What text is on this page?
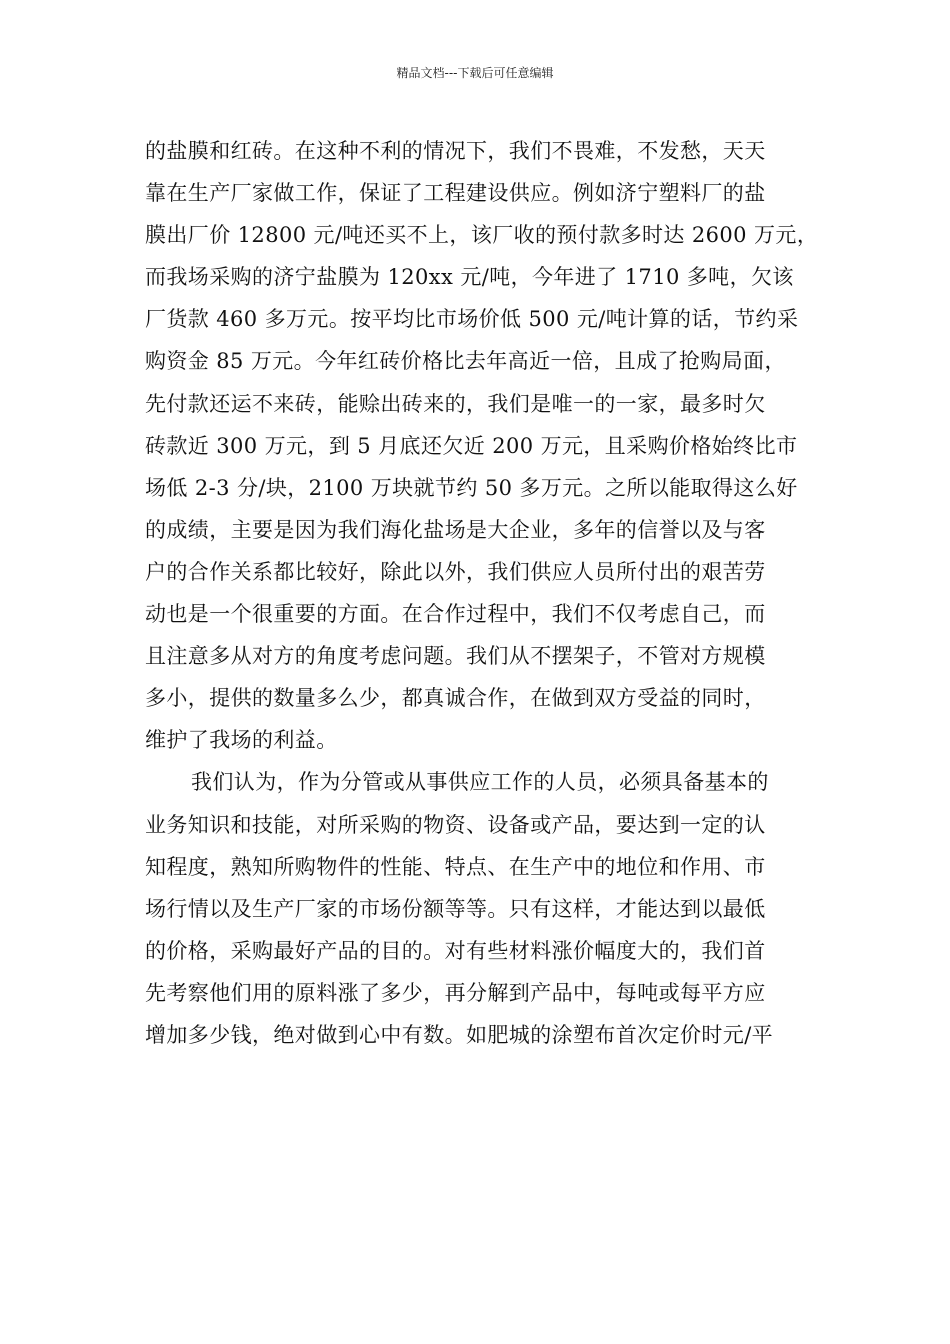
精品文档---下载后可任意编辑
的盐膜和红砖。在这种不利的情况下，我们不畏难，不发愁，天天
靠在生产厂家做工作，保证了工程建设供应。例如济宁塑料厂的盐
膜出厂价 12800 元/吨还买不上，该厂收的预付款多时达 2600 万元，
而我场采购的济宁盐膜为 120xx 元/吨，今年进了 1710 多吨，欠该
厂货款 460 多万元。按平均比市场价低 500 元/吨计算的话，节约采
购资金 85 万元。今年红砖价格比去年高近一倍，且成了抢购局面，
先付款还运不来砖，能赊出砖来的，我们是唯一的一家，最多时欠
砖款近 300 万元，到 5 月底还欠近 200 万元，且采购价格始终比市
场低 2-3 分/块，2100 万块就节约 50 多万元。之所以能取得这么好
的成绩，主要是因为我们海化盐场是大企业，多年的信誉以及与客
户的合作关系都比较好，除此以外，我们供应人员所付出的艰苦劳
动也是一个很重要的方面。在合作过程中，我们不仅考虑自己，而
且注意多从对方的角度考虑问题。我们从不摆架子，不管对方规模
多小，提供的数量多么少，都真诚合作，在做到双方受益的同时，
维护了我场的利益。
我们认为，作为分管或从事供应工作的人员，必须具备基本的
业务知识和技能，对所采购的物资、设备或产品，要达到一定的认
知程度，熟知所购物件的性能、特点、在生产中的地位和作用、市
场行情以及生产厂家的市场份额等等。只有这样，才能达到以最低
的价格，采购最好产品的目的。对有些材料涨价幅度大的，我们首
先考察他们用的原料涨了多少，再分解到产品中，每吨或每平方应
增加多少钱，绝对做到心中有数。如肥城的涂塑布首次定价时元/平
